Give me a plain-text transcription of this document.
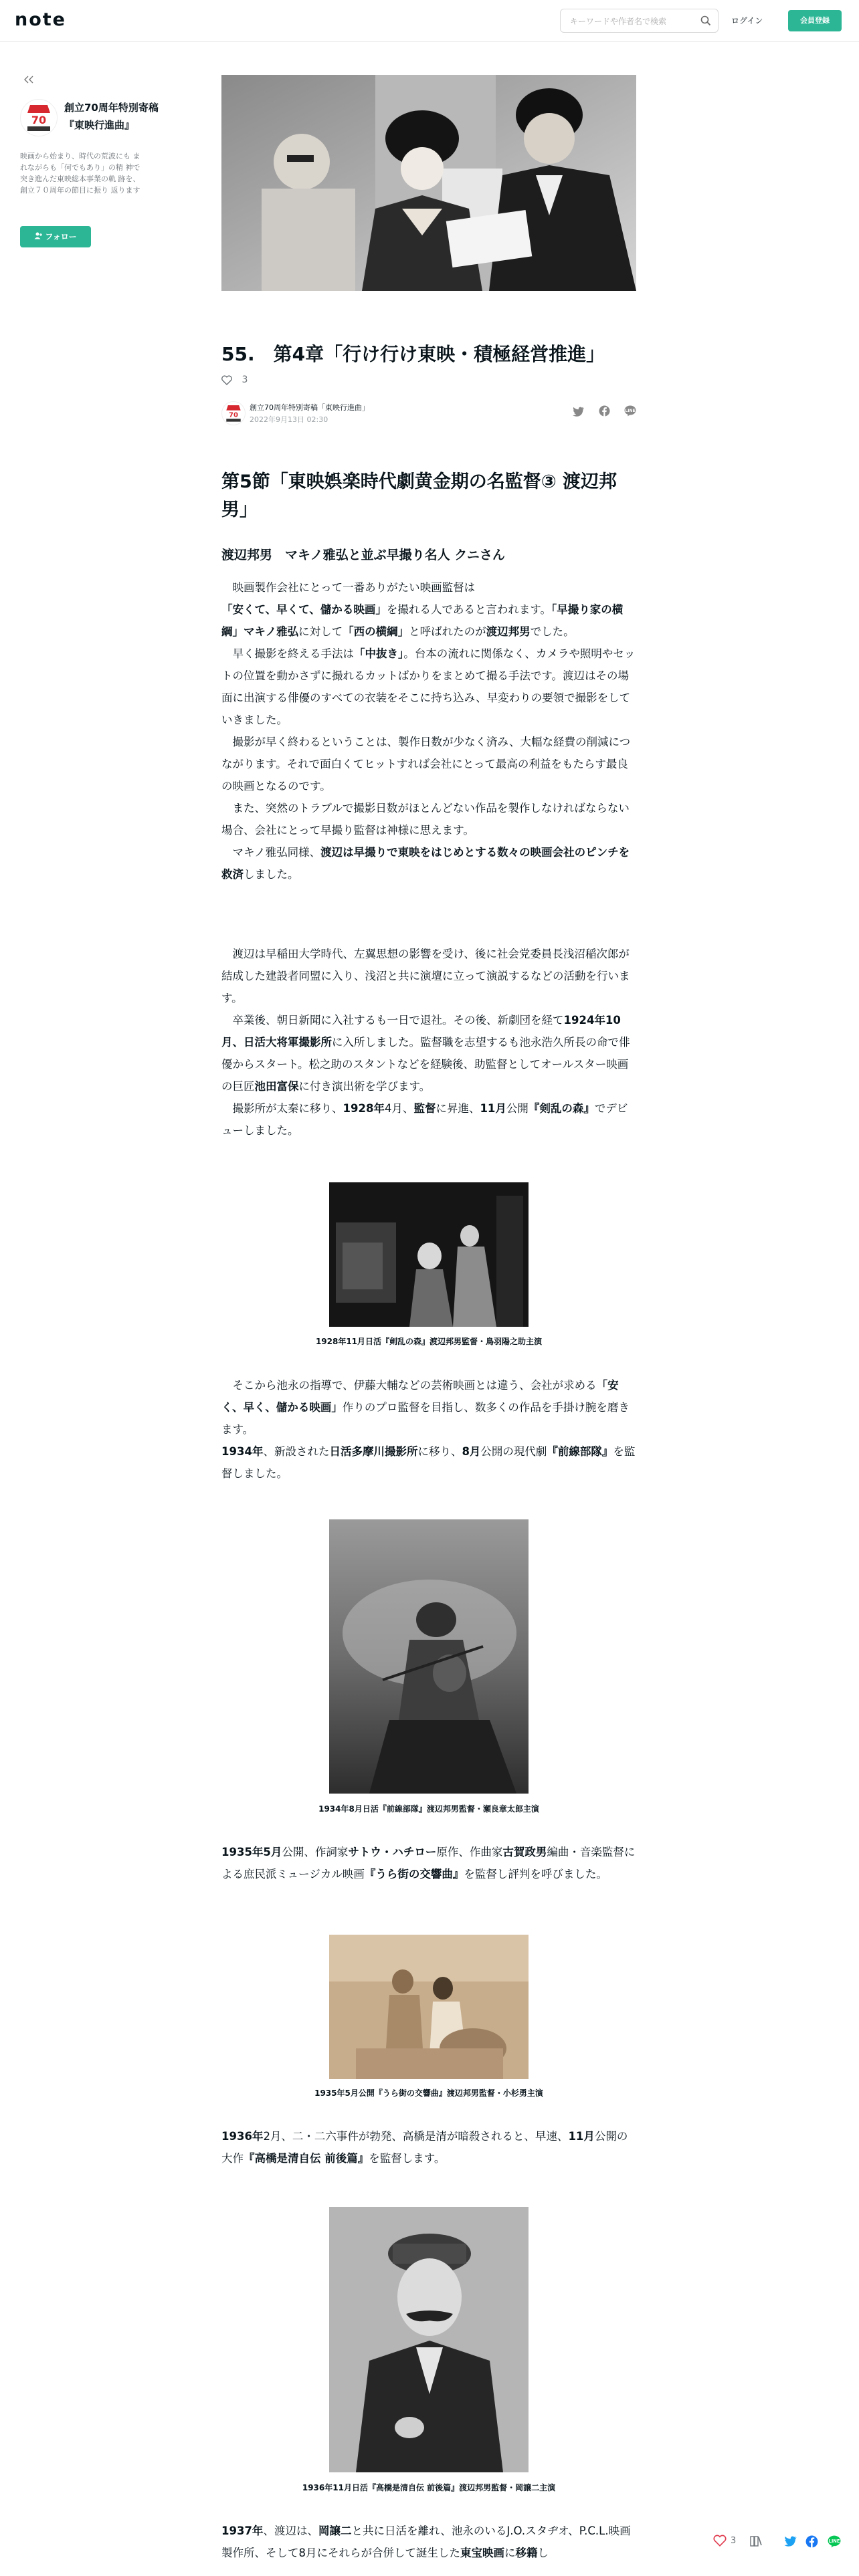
note
キーワードや作者名で検索	ログイン	会員登録
70
創立70周年特別寄稿『東映行進曲』
映画から始まり、時代の荒波にも まれながらも「何でもあり」の精 神で突き進んだ東映総本事業の軌 跡を、創立７０周年の節目に振り 返ります
フォロー
55.　第4章「行け行け東映・積極経営推進」
3
70
創立70周年特別寄稿「東映行進曲」
2022年9月13日 02:30

LINE
第5節「東映娯楽時代劇黄金期の名監督③ 渡辺邦男」
渡辺邦男　マキノ雅弘と並ぶ早撮り名人 クニさん

　映画製作会社にとって一番ありがたい映画監督は「安くて、早くて、儲かる映画」を撮れる人であると言われます。「早撮り家の横綱」マキノ雅弘に対して「西の横綱」と呼ばれたのが渡辺邦男でした。
　早く撮影を終える手法は「中抜き」。台本の流れに関係なく、カメラや照明やセットの位置を動かさずに撮れるカットばかりをまとめて撮る手法です。渡辺はその場面に出演する俳優のすべての衣装をそこに持ち込み、早変わりの要領で撮影をしていきました。
　撮影が早く終わるということは、製作日数が少なく済み、大幅な経費の削減につながります。それで面白くてヒットすれば会社にとって最高の利益をもたらす最良の映画となるのです。
　また、突然のトラブルで撮影日数がほとんどない作品を製作しなければならない場合、会社にとって早撮り監督は神様に思えます。
　マキノ雅弘同様、渡辺は早撮りで東映をはじめとする数々の映画会社のピンチを救済しました。

　渡辺は早稲田大学時代、左翼思想の影響を受け、後に社会党委員長浅沼稲次郎が結成した建設者同盟に入り、浅沼と共に演壇に立って演説するなどの活動を行います。
　卒業後、朝日新聞に入社するも一日で退社。その後、新劇団を経て1924年10月、日活大将軍撮影所に入所しました。監督職を志望するも池永浩久所長の命で俳優からスタート。松之助のスタントなどを経験後、助監督としてオールスター映画の巨匠池田富保に付き演出術を学びます。
　撮影所が太秦に移り、1928年4月、監督に昇進、11月公開『剣乱の森』でデビューしました。

1928年11月日活『剣乱の森』渡辺邦男監督・鳥羽陽之助主演

　そこから池永の指導で、伊藤大輔などの芸術映画とは違う、会社が求める「安く、早く、儲かる映画」作りのプロ監督を目指し、数多くの作品を手掛け腕を磨きます。
1934年、新設された日活多摩川撮影所に移り、8月公開の現代劇『前線部隊』を監督しました。

1934年8月日活『前線部隊』渡辺邦男監督・瀬良章太郎主演

1935年5月公開、作詞家サトウ・ハチロー原作、作曲家古賀政男編曲・音楽監督による庶民派ミュージカル映画『うら街の交響曲』を監督し評判を呼びました。

1935年5月公開『うら街の交響曲』渡辺邦男監督・小杉勇主演

1936年2月、二・二六事件が勃発、高橋是清が暗殺されると、早速、11月公開の大作『高橋是清自伝 前後篇』を監督します。

1936年11月日活『高橋是清自伝 前後篇』渡辺邦男監督・岡譲二主演

1937年、渡辺は、岡譲二と共に日活を離れ、池永のいるJ.O.スタヂオ、P.C.L.映画製作所、そして8月にそれらが合併して誕生した東宝映画に移籍し

3	LINE
